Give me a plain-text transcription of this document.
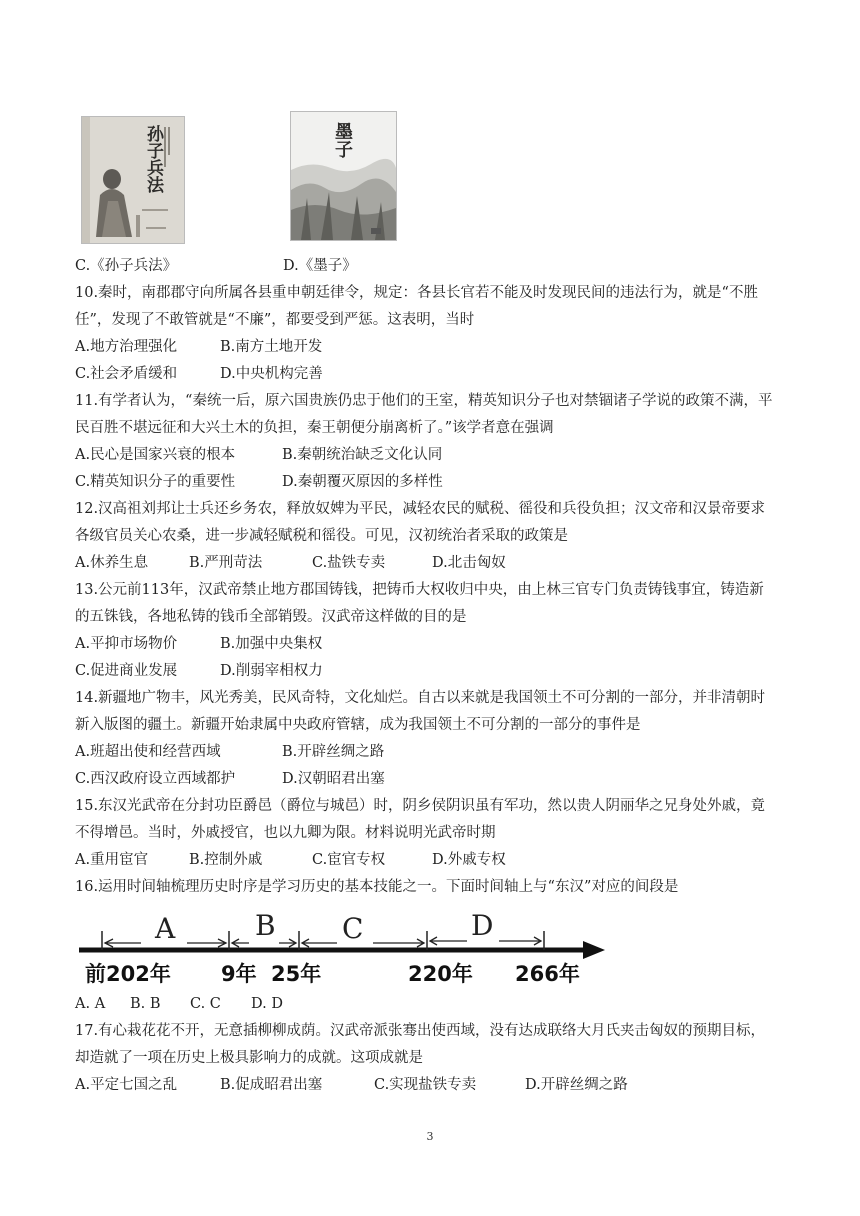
孙子兵法	墨子
C.《孙子兵法》	D.《墨子》
10.秦时，南郡郡守向所属各县重申朝廷律令，规定：各县长官若不能及时发现民间的违法行为，就是“不胜
任”，发现了不敢管就是“不廉”，都要受到严惩。这表明，当时
A.地方治理强化	B.南方土地开发
C.社会矛盾缓和	D.中央机构完善
11.有学者认为，“秦统一后，原六国贵族仍忠于他们的王室，精英知识分子也对禁锢诸子学说的政策不满，平
民百胜不堪远征和大兴土木的负担，秦王朝便分崩离析了。”该学者意在强调
A.民心是国家兴衰的根本	B.秦朝统治缺乏文化认同
C.精英知识分子的重要性	D.秦朝覆灭原因的多样性
12.汉高祖刘邦让士兵还乡务农，释放奴婢为平民，减轻农民的赋税、徭役和兵役负担；汉文帝和汉景帝要求
各级官员关心农桑，进一步减轻赋税和徭役。可见，汉初统治者采取的政策是
A.休养生息	B.严刑苛法	C.盐铁专卖	D.北击匈奴
13.公元前113年，汉武帝禁止地方郡国铸钱，把铸币大权收归中央，由上林三官专门负责铸钱事宜，铸造新
的五铢钱，各地私铸的钱币全部销毁。汉武帝这样做的目的是
A.平抑市场物价	B.加强中央集权
C.促进商业发展	D.削弱宰相权力
14.新疆地广物丰，风光秀美，民风奇特，文化灿烂。自古以来就是我国领土不可分割的一部分，并非清朝时
新入版图的疆土。新疆开始隶属中央政府管辖，成为我国领土不可分割的一部分的事件是
A.班超出使和经营西域	B.开辟丝绸之路
C.西汉政府设立西域都护	D.汉朝昭君出塞
15.东汉光武帝在分封功臣爵邑（爵位与城邑）时，阴乡侯阴识虽有军功，然以贵人阴丽华之兄身处外戚，竟
不得增邑。当时，外戚授官，也以九卿为限。材料说明光武帝时期
A.重用宦官	B.控制外戚	C.宦官专权	D.外戚专权
16.运用时间轴梳理历史时序是学习历史的基本技能之一。下面时间轴上与“东汉”对应的间段是
A	B C	D
前202年 9年 25年	220年 266年
A. A B. B C. C D. D
17.有心栽花花不开，无意插柳柳成荫。汉武帝派张骞出使西域，没有达成联络大月氏夹击匈奴的预期目标，
却造就了一项在历史上极具影响力的成就。这项成就是
A.平定七国之乱	B.促成昭君出塞	C.实现盐铁专卖	D.开辟丝绸之路
3
